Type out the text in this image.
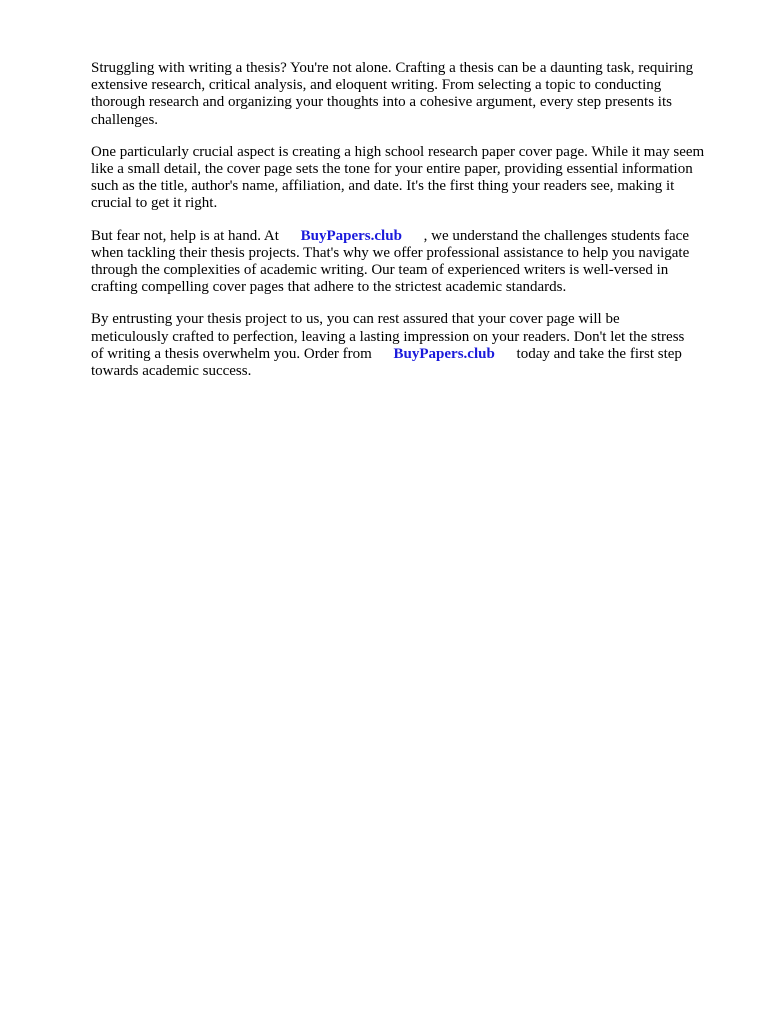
Struggling with writing a thesis? You're not alone. Crafting a thesis can be a daunting task, requiring
extensive research, critical analysis, and eloquent writing. From selecting a topic to conducting
thorough research and organizing your thoughts into a cohesive argument, every step presents its
challenges.

One particularly crucial aspect is creating a high school research paper cover page. While it may seem
like a small detail, the cover page sets the tone for your entire paper, providing essential information
such as the title, author's name, affiliation, and date. It's the first thing your readers see, making it
crucial to get it right.

But fear not, help is at hand. At BuyPapers.club , we understand the challenges students face
when tackling their thesis projects. That's why we offer professional assistance to help you navigate
through the complexities of academic writing. Our team of experienced writers is well-versed in
crafting compelling cover pages that adhere to the strictest academic standards.

By entrusting your thesis project to us, you can rest assured that your cover page will be
meticulously crafted to perfection, leaving a lasting impression on your readers. Don't let the stress
of writing a thesis overwhelm you. Order from BuyPapers.club today and take the first step
towards academic success.
